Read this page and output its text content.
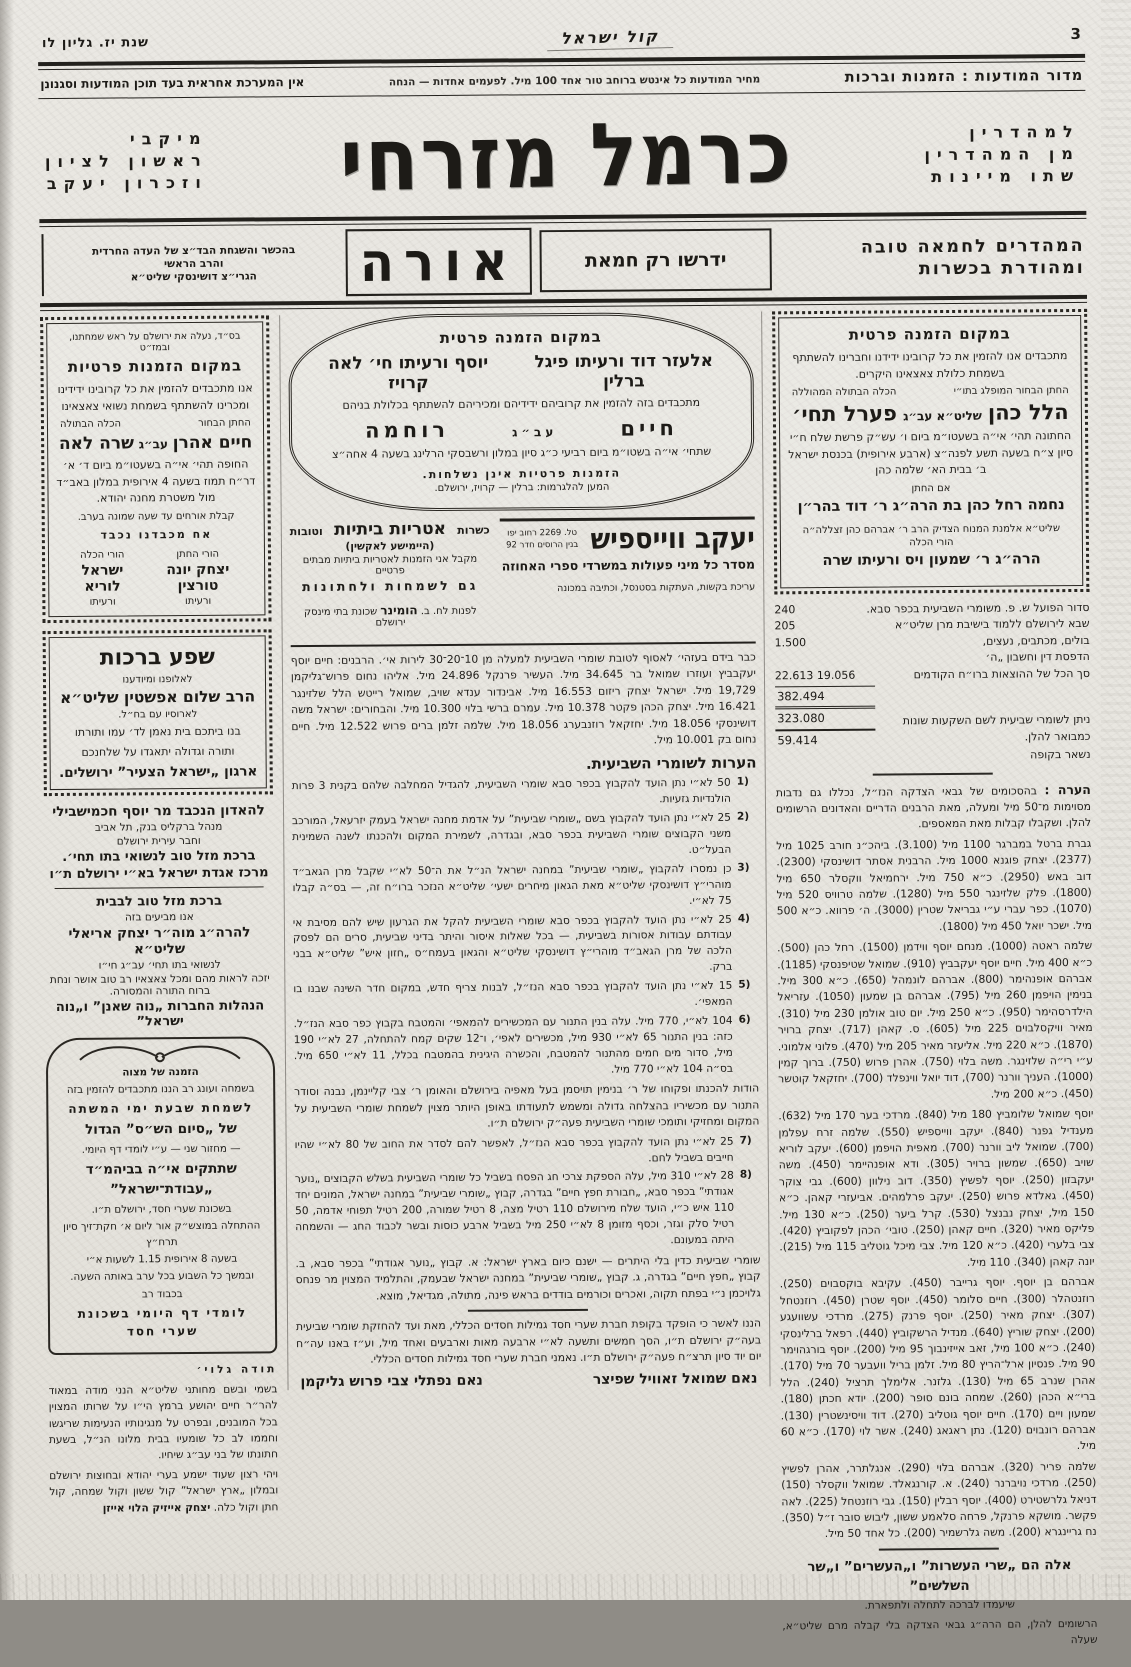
3
קול ישראל
שנת יז. גליון לו
מדור המודעות : הזמנות וברכות
מחיר המודעות כל אינטש ברוחב טור אחד 100 מיל. לפעמים אחדות — הנחה
אין המערכת אחראית בעד תוכן המודעות וסגנונן
למהדרין
מן המהדרין
שתו מיינות
כרמל מזרחי
מיקבי
ראשון לציון
וזכרון יעקב
המהדרים לחמאה טובה
ומהודרת בכשרות
ידרשו רק חמאת
אורה
בהכשר והשגחת הבד״צ של העדה החרדית
והרב הראשי
הגרי״צ דושינסקי שליט״א

במקום הזמנה פרטית

מתכבדים אנו להזמין את כל קרובינו ידידנו וחברינו להשתתף בשמחת כלולת צאצאינו היקרים.

החתן הבחור המופלג בתו״י
הכלה הבתולה המהוללה
הלל כהן
שליט״א עב״ג
פערל תחי׳

החתונה תהי׳ אי״ה בשעטו״מ ביום ו׳ עש״ק פרשת שלח ח״י סיון צ״ח בשעה תשע לפנה״צ (ארבע אירופית) בכנסת ישראל ב׳ בבית הא׳ שלמה כהן

אם החתן

נחמה רחל כהן בת הרה״ג ר׳ דוד בהר״ן

שליט״א אלמנת המנוח הצדיק הרב ר׳ אברהם כהן זצללה״ה

הורי הכלה

הרה״ג ר׳ שמעון ויס ורעיתו שרה

סדור הפועל ש. פ. משומרי השביעית בכפר סבא.
240
שבא לירושלם ללמוד בישיבת מרן שליט״א
205
בולים, מכתבים, נעצים,
1.500
הדפסת דין וחשבון „ה׳
סך הכל של ההוצאות ברו״ח הקודמים
22.613 19.056

ניתן לשומרי שביעית לשם השקעות שונות כמבואר להלן.

נשאר בקופה

382.494
323.080
59.414

הערה : בהסכומים של גבאי הצדקה הנז״ל, נכללו גם נדבות מסוימות מ־50 מיל ומעלה, מאת הרבנים הדריים והאדונים הרשומים להלן. ושקבלו קבלות מאת המאספים.

גברת ברטל במברגר 1100 מיל (3.100). ביהכ״נ חורב 1025 מיל (2377). יצחק פוגנא 1000 מיל. הרבנית אסתר דושינסקי (2300). דוב באש (2950). כ״א 750 מיל. ירחמיאל ווקסלר 650 מיל (1800). פלק שלזינגר 550 מיל (1280). שלמה טרוויס 520 מיל (1070). כפר עברי ע״י גבריאל שטרין (3000). ה׳ פרווא. כ״א 500 מיל. ישכר יואל 450 מיל (1800).

שלמה ראטה (1000). מנחם יוסף ווידמן (1500). רחל כהן (500). כ״א 400 מיל. חיים יוסף יעקבביץ (910). שמואל שטיפנסקי (1185). אברהם אופנהימר (800). אברהם לונמהל (650). כ״א 300 מיל. בנימין הויפמן 260 מיל (795). אברהם בן שמעון (1050). עזריאל הילדרסהימר (950). כ״א 250 מיל. יום טוב אולמן 230 מיל (310). מאיר וויקסלבוים 225 מיל (605). ס. קאהן (717). יצחק ברויר (1870). כ״א 220 מיל. אליעזר מאיר 205 מיל (470). פלוני אלמוני. ע״י רי״ה שלזינגר. משה בלוי (750). אהרן פרוש (750). ברוך קמין (1000). העניך וורנר (700), דוד יואל ווינפלד (700). יחזקאל קוטשר (450). כ״א 200 מיל.

יוסף שמואל שלומביץ 180 מיל (840). מרדכי בער 170 מיל (632). מענדיל גפנר (840). יעקב ווייספיש (550). שלמה זרח עפלמן (700). שמואל ליב וורנר (700). מאפית הויפמן (600). יעקב לוריא שויב (650). שמשון ברויר (305). ודא אופנהיימר (450). משה יעקבזון (250). יוסף לפשיץ (350). דוב נילוון (600). גבי צוקר (450). גאלדא פרוש (250). יעקב פרלמהים. אביעזרי קאהן. כ״א 150 מיל, יצחק נבנצל (530). קרל ביער (250). כ״א 130 מיל. פליקס מאיר (320). חיים קאהן (250). טובי׳ הכהן לפקוביץ (420). צבי בלערי (420). כ״א 120 מיל. צבי מיכל גוטליב 115 מיל (215). יונה קאהן (340). 110 מיל.

אברהם בן יוסף. יוסף גרייבר (450). עקיבא בוקסבוים (250). רוזנטהלר (300). חיים סלומר (450). יוסף שטרן (450). רוזנטחל (307). יצחק מאיר (250). יוסף פרנק (275). מרדכי עשוועגע (200). יצחק שוריץ (640). מנדיל הרשקוביץ (440). רפאל ברלינסקי (240). כ״א 100 מיל, זאב אייזינבוך 95 מיל (200). יוסף בורגהוימר 90 מיל. פנסיון ארל־הריץ 80 מיל. זלמן בריל וועבער 70 מיל (170). אהרן שנרב 65 מיל (130). גלזנר. אלימלך תרציל (240). הלל ברי״א הכהן (260). שמחה בונם סופר (200). יודא חכתן (180). שמעון ויים (170). חיים יוסף גוטליב (270). דוד וויסינשטרין (130). אברהם רונבוים (120). נתן ראגאג (240). אשר לוי (170). כ״א 60 מיל.

שלמה פריר (320). אברהם בלוי (290). אנגלתרר, אהרן לפשיץ (250). מרדכי נויברנר (240). א. קורנגאלד. שמואל ווקסלר (150) דניאל גלרשטירט (400). יוסף רבלין (150). גבי רוזנטחל (225). לאה פקשר. מושקא פרנקל, פרחה סלאמע ששון, ליבוש סובר ז״ל (350). נח גריינגרא (200). משה גלרשמיר (200). כל אחד 50 מיל.

אלה הם „שרי העשרות” ו„העשרים” ו„שר השלשים”

שיעמדו לברכה לתחלה ולתפארת.

הרשומים להלן, הם הרה״ג גבאי הצדקה בלי קבלה מרם שליט״א, שעלה

במקום הזמנה פרטית

אלעזר דוד ורעיתו פיגל ברלין
יוסף ורעיתו חי׳ לאה קרויז

מתכבדים בזה להזמין את קרוביהם ידידיהם ומכיריהם להשתתף בכלולת בניהם

חיים
עב״ג
רוחמה

שתחי׳ אי״ה בשטו״מ ביום רביעי כ״ג סיון במלון ורשבסקי הרלינג בשעה 4 אחה״צ

הזמנות פרטיות אינן נשלחות.

המען להלגרמות: ברלין — קרויז, ירושלם.

יעקב ווייספיש
טל. 2269 רחוב יפו בנין הרוסים חדר 92

מסדר כל מיני פעולות במשרדי ספרי האחוזה

עריכת בקשות, העתקות בסטנסל, וכתיבה במכונה

כשרות
אטריות ביתיות
וטובות

(היימישע לאקשין)

מקבל אני הזמנות לאטריות ביתיות מבתים פרטיים

גם לשמחות ולחתונות

לפנות לח. ב. הומינר שכונת בתי מינסק ירושלם

כבר בידם בעזהי׳ לאסוף לטובת שומרי השביעית למעלה מן 10־20־30 לירות אי׳. הרבנים: חיים יוסף יעקבביץ ועוזרו שמואל בר 34.645 מיל. העשיר פרנקל 24.896 מיל. אליהו נחום פרוש־גליקמן 19,729 מיל. ישראל יצחק ריזום 16.553 מיל. אבינדור ענדא שויב, שמואל רייטש הלל שלזינגר 16.421 מיל. יצחק הכהן פקטר 10.378 מיל. עמרם ברשי בלוי 10.300 מיל. והבחורים: ישראל משה דושינסקי 18.056 מיל. יחזקאל רוזנבערג 18.056 מיל. שלמה זלמן ברים פרוש 12.522 מיל. חיים נחום בק 10.001 מיל.

הערות לשומרי השביעית.
1)

50 לא״י נתן הועד להקבוץ בכפר סבא שומרי השביעית, להגדיל המחלבה שלהם בקנית 3 פרות הולנדיות גזעיות.

2)

25 לא״י נתן הועד להקבוץ בשם „שומרי שביעית” על אדמת מחנה ישראל בעמק יזרעאל, המורכב משני הקבוצים שומרי השביעית בכפר סבא, ובגדרה, לשמירת המקום ולהכנתו לשנה השמינית הבעל״ט.

3)

כן נמסרו להקבוץ „שומרי שביעית” במחנה ישראל הנ״ל את ה־50 לא״י שקבל מרן הגאב״ד מוהרי״ץ דושינסקי שליט״א מאת הגאון מיחרים ישעי׳ שליט״א הנזכר ברו״ח זה, — בס״ה קבלו 75 לא״י.

4)

25 לא״י נתן הועד להקבוץ בכפר סבא שומרי השביעית להקל את הגרעון שיש להם מסיבת אי עבודתם עבודות אסורות בשביעית, — בכל שאלות איסור והיתר בדיני שביעית, סרים הם לפסק הלכה של מרן הגאב״ד מוהרי״ץ דושינסקי שליט״א והגאון בעמח״ס „חזון איש” שליט״א בבני ברק.

5)

15 לא״י נתן הועד להקבוץ בכפר סבא הנז״ל, לבנות צריף חדש, במקום חדר השינה שבנו בו המאפי׳.

6)

104 לא״י, 770 מיל. עלה בנין התנור עם המכשירים להמאפי׳ והמטבח בקבוץ כפר סבא הנז״ל. כזה: בנין התנור 65 לא״י 930 מיל, מכשירים לאפי׳, ו־12 שקים קמח להתחלה, 27 לא״י 190 מיל, סדור מים חמים מהתנור להמטבח, והכשרה היגינית בהמטבח בכלל, 11 לא״י 650 מיל. בס״ה 104 לא״י 770 מיל.

הודות להכנתו ופקוחו של ר׳ בנימין תויסמן בעל מאפיה בירושלם והאומן ר׳ צבי קליינמן, נבנה וסודר התנור עם מכשיריו בהצלחה גדולה ומשמש לתעודתו באופן היותר מצוין לשמחת שומרי השביעית על המקום ומחזיקי ותומכי שומרי השביעית פעה״ק ירושלם ת״ו.

7)

25 לא״י נתן הועד להקבוץ בכפר סבא הנז״ל, לאפשר להם לסדר את החוב של 80 לא״י שהיו חייבים בשביל לחם.

8)

28 לא״י 310 מיל, עלה הספקת צרכי חג הפסח בשביל כל שומרי השביעית בשלש הקבוצים „נוער אגודתי” בכפר סבא, „חבורת חפץ חיים” בגדרה, קבוץ „שומרי שביעית” במחנה ישראל, המונים יחד 110 איש כ״י, הועד שלח מירושלם 110 רטיל מצה, 8 רטיל שמורה, 200 רטיל תפוחי אדמה, 50 רטיל סלק וגזר, וכסף מזומן 8 לא״י 250 מיל בשביל ארבע כוסות ובשר לכבוד החג — והשמחה היתה במעונם.

שומרי שביעית כדין בלי היתרים — ישנם כיום בארץ ישראל: א. קבוץ „נוער אגודתי” בכפר סבא, ב. קבוץ „חפץ חיים” בגדרה, ג. קבוץ „שומרי שביעית” במחנה ישראל שבעמק, והתלמיד המצוין מר פנחס גלויכמן נ״י בפתח תקוה, ואכרים וכורמים בודדים בראש פינה, מתולה, מגדיאל, מוצא.

הננו לאשר כי הופקד בקופת חברת שערי חסד גמילות חסדים הכללי, מאת ועד להחזקת שומרי שביעית בעה״ק ירושלם ת״ו, הסך חמשים ותשעה לא״י ארבעה מאות וארבעים ואחד מיל, וע״ז באנו עה״ח יום יוד סיון תרצ״ח פעה״ק ירושלם ת״ו. נאמני חברת שערי חסד גמילות חסדים הכללי.

נאם שמואל זאוויל שפיצר
נאם נפתלי צבי פרוש גליקמן

בס״ד, נעלה את ירושלם על ראש שמחתנו, ובמז״ט

במקום הזמנות פרטיות

אנו מתכבדים להזמין את כל קרובינו ידידינו ומכרינו להשתתף בשמחת נשואי צאצאינו

החתן הבחור
הכלה הבתולה
חיים אהרן
עב״ג
שרה לאה

החופה תהי׳ אי״ה בשעטו״מ ביום ד׳ א׳ דר״ח תמוז בשעה 4 אירופית במלון באב״ד מול משטרת מחנה יהודא.

קבלת אורחים עד שעה שמונה בערב.

אח מכבדנו נכבד

הורי החתן
יצחק יונה טורצין
ורעיתו
הורי הכלה
ישראל לוריא
ורעיתו

שפע ברכות

לאלופנו ומיודענו

הרב שלום אפשטין שליט״א

לארוסיו עם בח״ל.

בנו ביתכם בית נאמן לד׳ עמו ותורתו

ותורה וגדולה יתאגדו על שלחנכם

ארגון „ישראל הצעיר” ירושלים.

להאדון הנכבד מר יוסף חכמישבילי

מנהל ברקליס בנק, תל אביב

וחבר עירית ירושלם

ברכת מזל טוב לנשואי בתו תחי׳.

מרכז אגדת ישראל בא״י ירושלם ת״ו

ברכת מזל טוב לבבית

אנו מביעים בזה

להרה״ג מוה״ר יצחק אריאלי שליט״א

לנשואי בתו תחי׳ עב״ג חי״ו

יזכה לראות מהם ומכל צאצאיו רב טוב אושר ונחת ברוח התורה והמסורה.

הנהלות החברות „נוה שאנן” ו„נוה ישראל”

הזמנה של מצוה

בשמחה ועונג רב הננו מתכבדים להזמין בזה

לשמחת שבעת ימי המשתה

של „סיום הש״ס” הגדול

— מחזור שני — ע״י לומדי דף היומי.

שתתקים אי״ה בביהמ״ד „עבודת־ישראל”

בשכונת שערי חסד, ירושלם ת״ו.

ההתחלה במוצש״ק אור ליום א׳ חקת־זיך סיון תרח״ץ

בשעה 8 אירופית 1.15 לשעות א״י

ובמשך כל השבוע בכל ערב באותה השעה.

בכבוד רב

לומדי דף היומי בשכונת שערי חסד

תודה גלוי׳

בשמי ובשם מחותני שליט״א הנני מודה במאוד להר״ר חיים יהושע ברמץ הי״ו על שרותו המצוין בכל המובנים, ובפרט על מנגינותיו הנעימות שריגשו וחממו לב כל שומעיו בבית מלונו הנ״ל, בשעת חתונתו של בני עב״ג שיחיו.

ויהי רצון שעוד ישמע בערי יהודא ובחוצות ירושלם ובמלון „ארץ ישראל” קול ששון וקול שמחה, קול חתן וקול כלה. יצחק אייזיק הלוי אייזן
